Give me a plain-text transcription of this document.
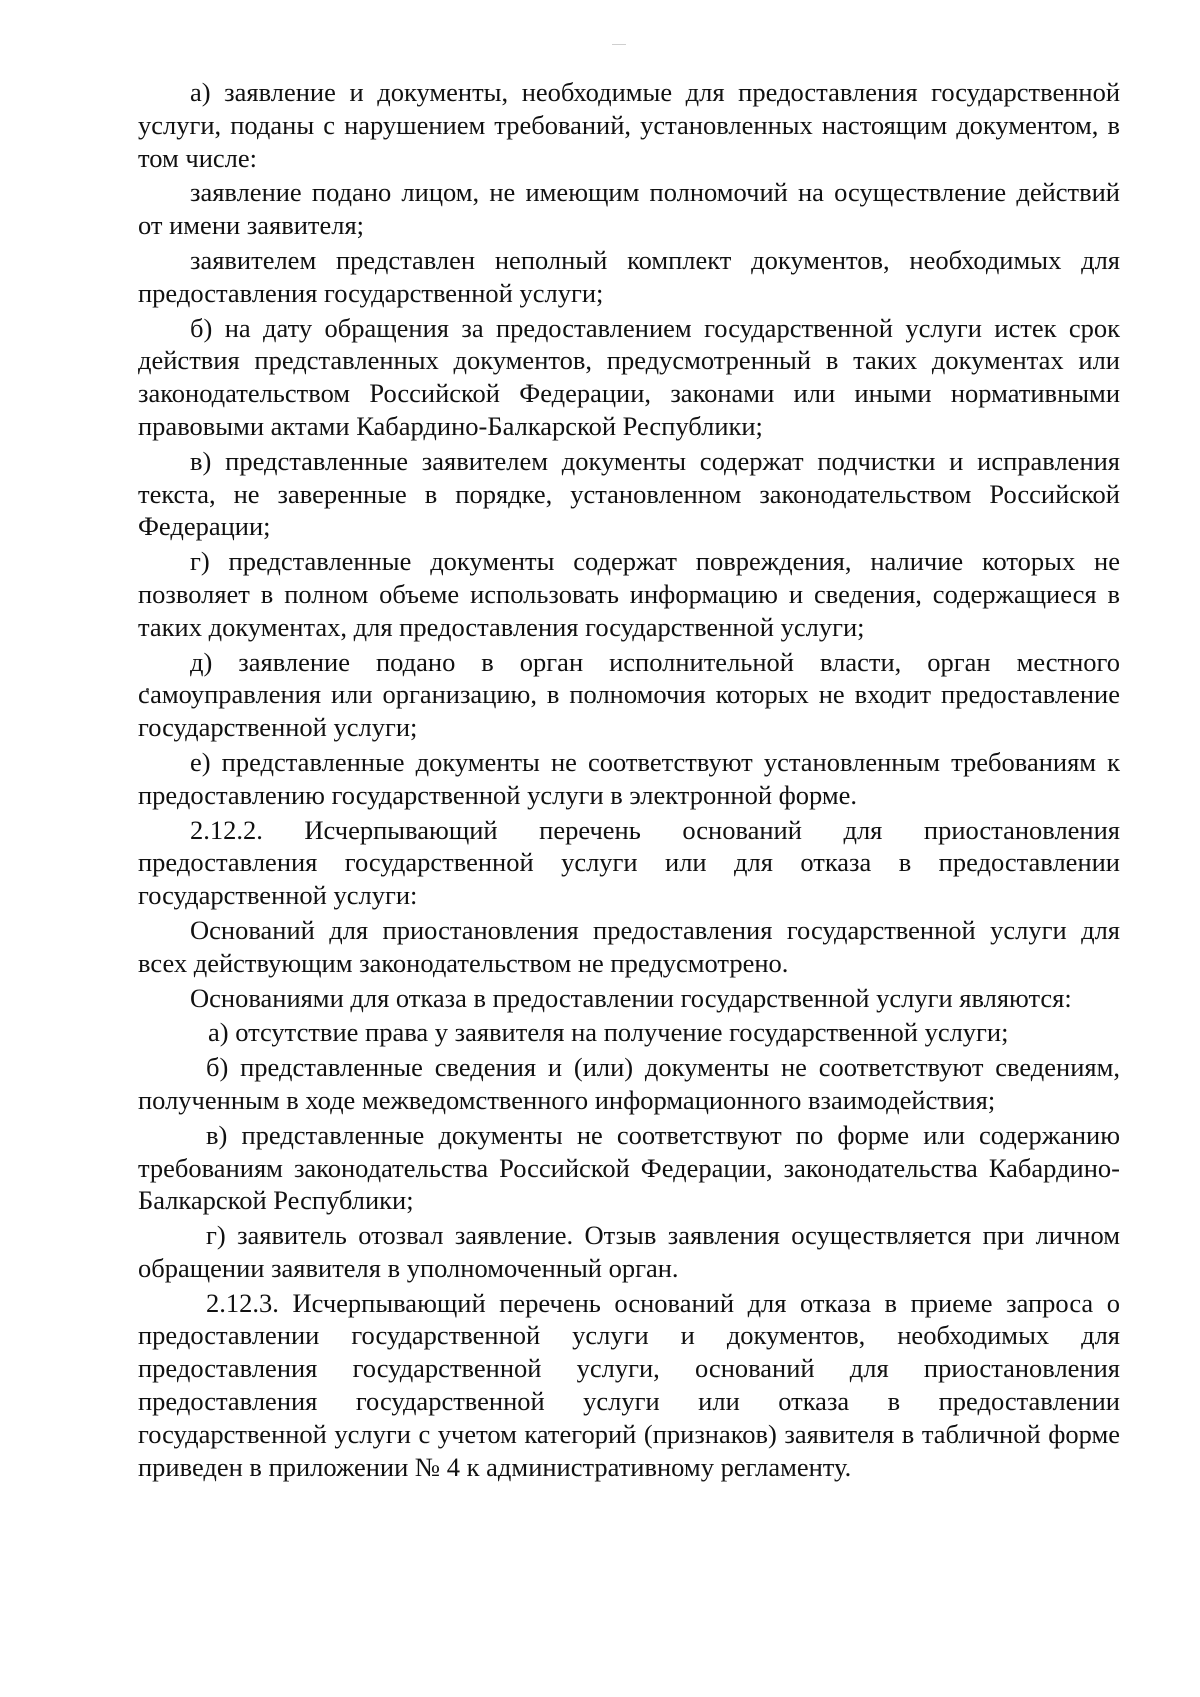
а) заявление и документы, необходимые для предоставления государственной услуги, поданы с нарушением требований, установленных настоящим документом, в том числе:

заявление подано лицом, не имеющим полномочий на осуществление действий от имени заявителя;

заявителем представлен неполный комплект документов, необходимых для предоставления государственной услуги;

б) на дату обращения за предоставлением государственной услуги истек срок действия представленных документов, предусмотренный в таких документах или законодательством Российской Федерации, законами или иными нормативными правовыми актами Кабардино-Балкарской Республики;

в) представленные заявителем документы содержат подчистки и исправления текста, не заверенные в порядке, установленном законодательством Российской Федерации;

г) представленные документы содержат повреждения, наличие которых не позволяет в полном объеме использовать информацию и сведения, содержащиеся в таких документах, для предоставления государственной услуги;

д) заявление подано в орган исполнительной власти, орган местного самоуправления или организацию, в полномочия которых не входит предоставление государственной услуги;

е) представленные документы не соответствуют установленным требованиям к предоставлению государственной услуги в электронной форме.

2.12.2. Исчерпывающий перечень оснований для приостановления предоставления государственной услуги или для отказа в предоставлении государственной услуги:

Оснований для приостановления предоставления государственной услуги для всех действующим законодательством не предусмотрено.

Основаниями для отказа в предоставлении государственной услуги являются:

а) отсутствие права у заявителя на получение государственной услуги;

б) представленные сведения и (или) документы не соответствуют сведениям, полученным в ходе межведомственного информационного взаимодействия;

в) представленные документы не соответствуют по форме или содержанию требованиям законодательства Российской Федерации, законодательства Кабардино-Балкарской Республики;

г) заявитель отозвал заявление. Отзыв заявления осуществляется при личном обращении заявителя в уполномоченный орган.

2.12.3. Исчерпывающий перечень оснований для отказа в приеме запроса о предоставлении государственной услуги и документов, необходимых для предоставления государственной услуги, оснований для приостановления предоставления государственной услуги или отказа в предоставлении государственной услуги с учетом категорий (признаков) заявителя в табличной форме приведен в приложении № 4 к административному регламенту.
